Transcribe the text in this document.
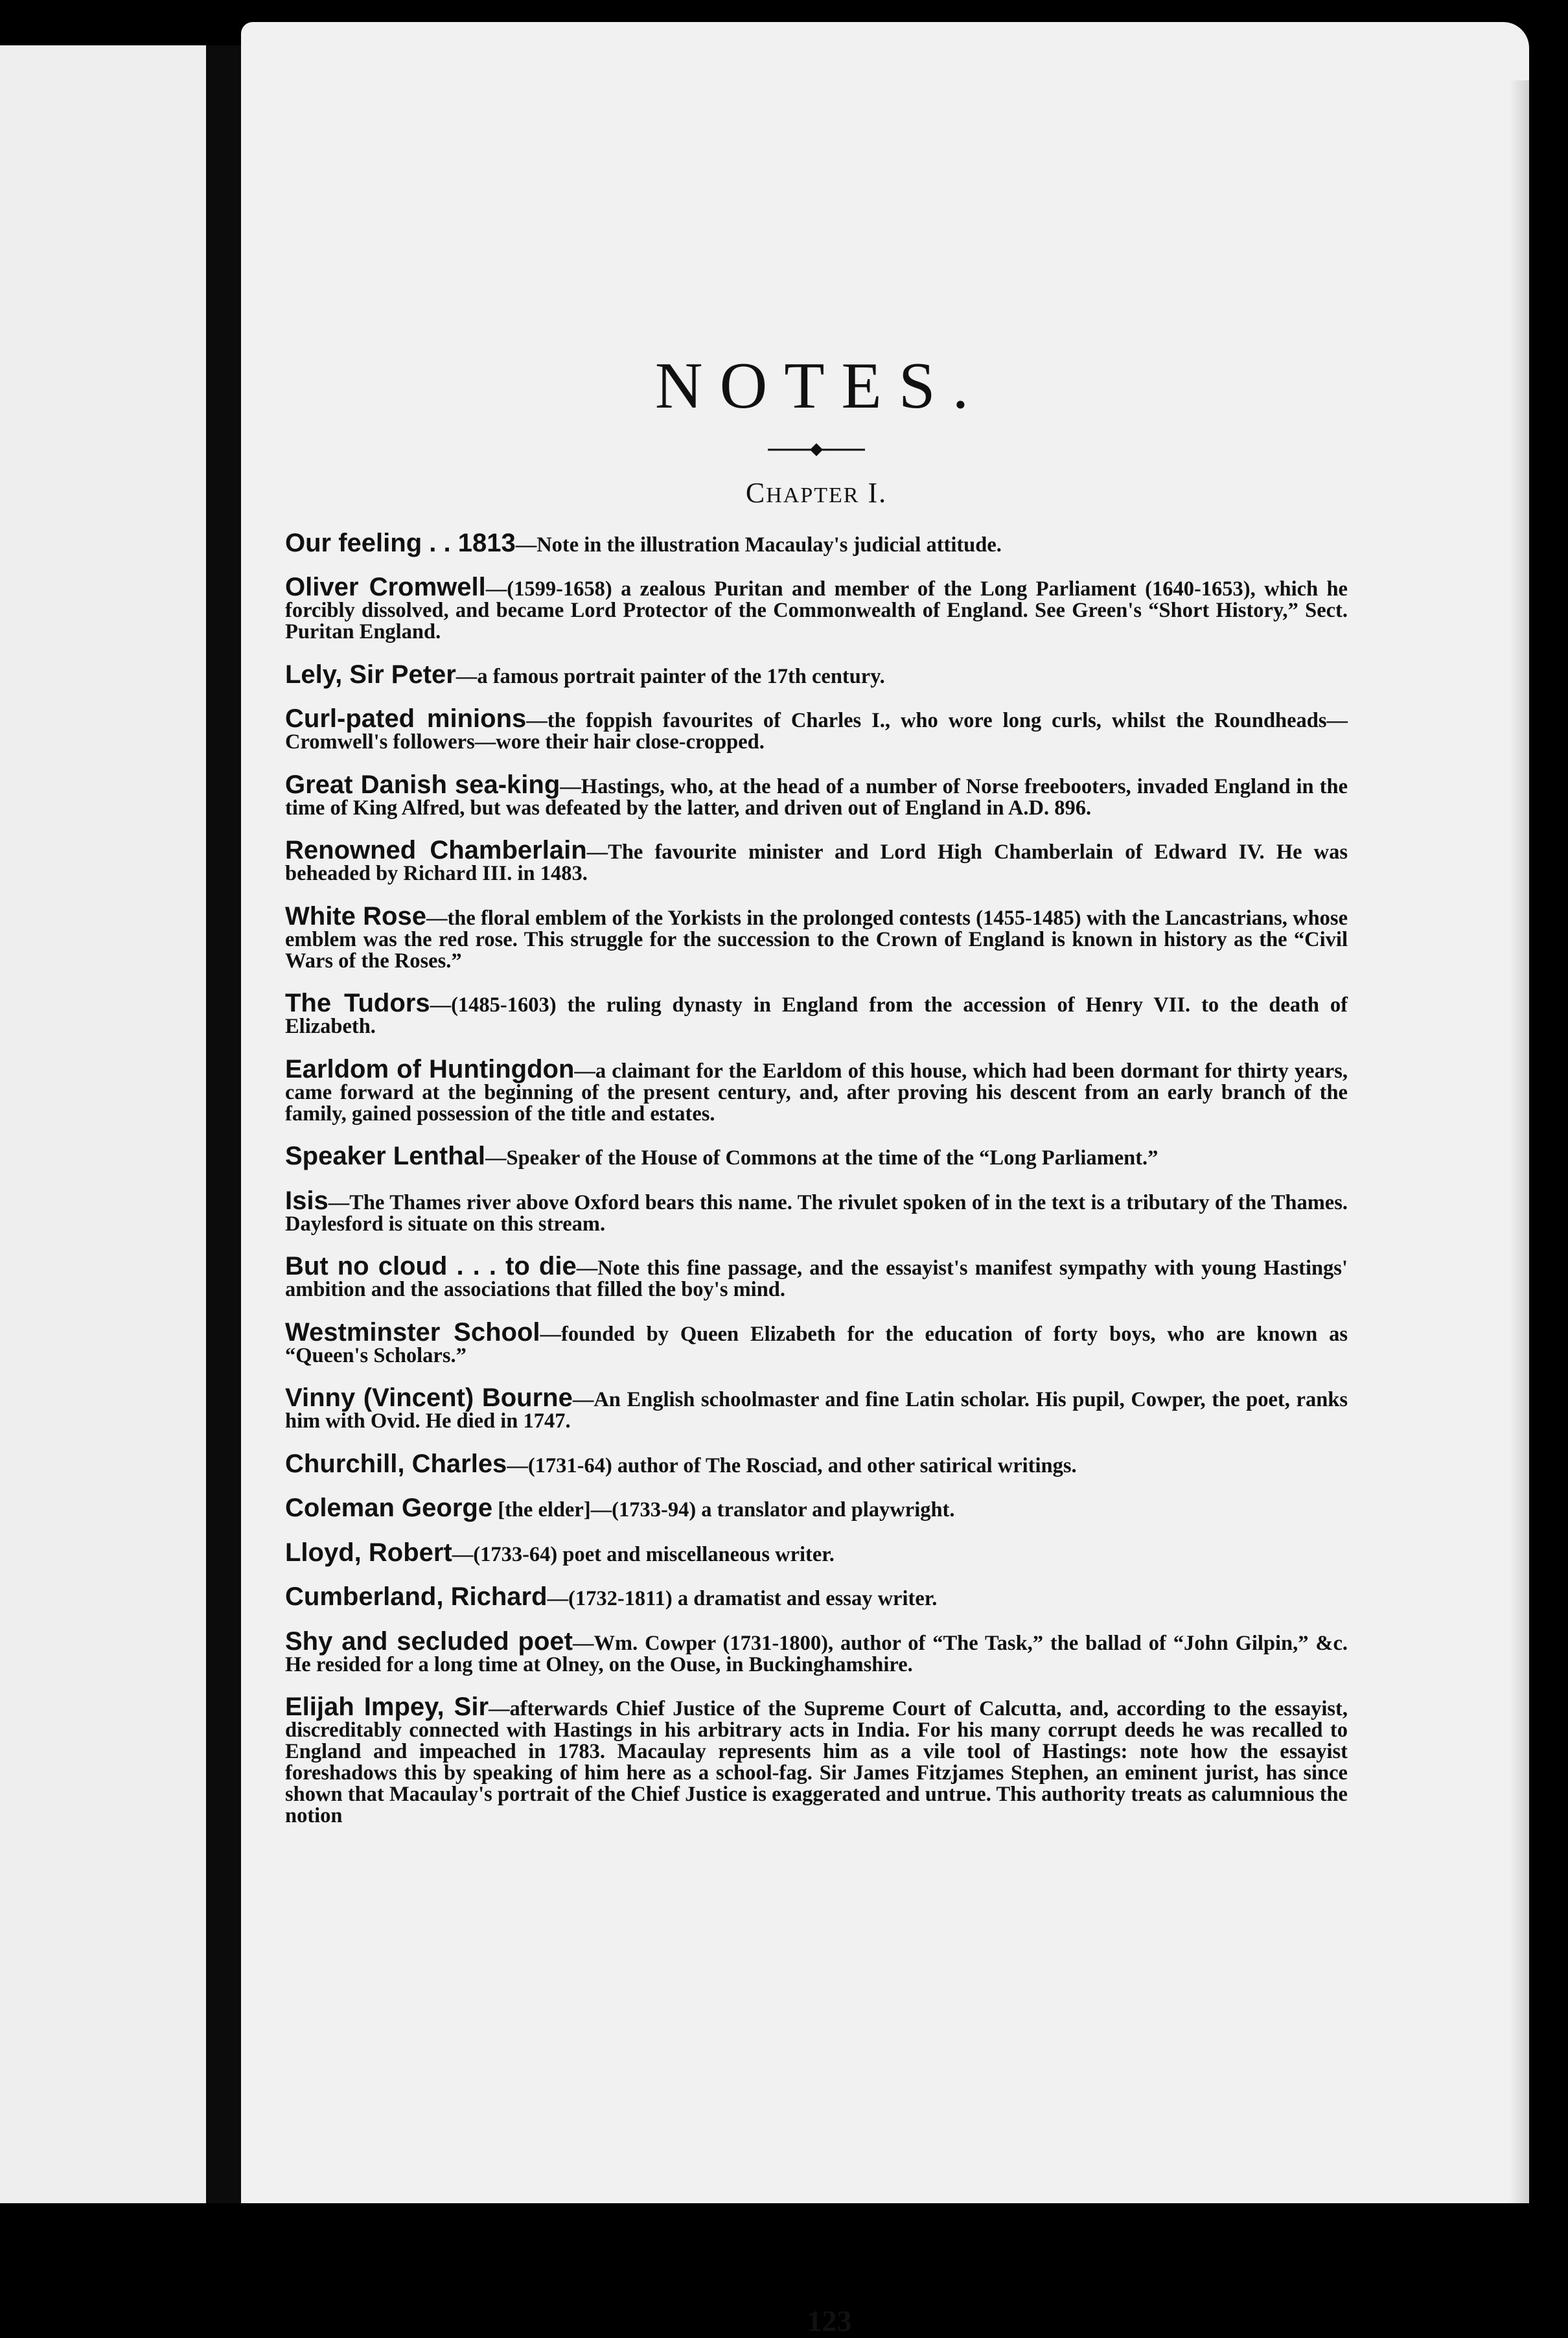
NOTES.
CHAPTER I.

Our feeling . . 1813—Note in the illustration Macaulay's judicial attitude.

Oliver Cromwell—(1599-1658) a zealous Puritan and member of the Long Parliament (1640-1653), which he forcibly dissolved, and became Lord Protector of the Commonwealth of England. See Green's “Short History,” Sect. Puritan England.

Lely, Sir Peter—a famous portrait painter of the 17th century.

Curl-pated minions—the foppish favourites of Charles I., who wore long curls, whilst the Roundheads—Cromwell's followers—wore their hair close-cropped.

Great Danish sea-king—Hastings, who, at the head of a number of Norse freebooters, invaded England in the time of King Alfred, but was defeated by the latter, and driven out of England in A.D. 896.

Renowned Chamberlain—The favourite minister and Lord High Chamberlain of Edward IV. He was beheaded by Richard III. in 1483.

White Rose—the floral emblem of the Yorkists in the prolonged contests (1455-1485) with the Lancastrians, whose emblem was the red rose. This struggle for the succession to the Crown of England is known in history as the “Civil Wars of the Roses.”

The Tudors—(1485-1603) the ruling dynasty in England from the accession of Henry VII. to the death of Elizabeth.

Earldom of Huntingdon—a claimant for the Earldom of this house, which had been dormant for thirty years, came forward at the beginning of the present century, and, after proving his descent from an early branch of the family, gained possession of the title and estates.

Speaker Lenthal—Speaker of the House of Commons at the time of the “Long Parliament.”

Isis—The Thames river above Oxford bears this name. The rivulet spoken of in the text is a tributary of the Thames. Daylesford is situate on this stream.

But no cloud . . . to die—Note this fine passage, and the essayist's manifest sympathy with young Hastings' ambition and the associations that filled the boy's mind.

Westminster School—founded by Queen Elizabeth for the education of forty boys, who are known as “Queen's Scholars.”

Vinny (Vincent) Bourne—An English schoolmaster and fine Latin scholar. His pupil, Cowper, the poet, ranks him with Ovid. He died in 1747.

Churchill, Charles—(1731-64) author of The Rosciad, and other satirical writings.

Coleman George [the elder]—(1733-94) a translator and playwright.

Lloyd, Robert—(1733-64) poet and miscellaneous writer.

Cumberland, Richard—(1732-1811) a dramatist and essay writer.

Shy and secluded poet—Wm. Cowper (1731-1800), author of “The Task,” the ballad of “John Gilpin,” &c. He resided for a long time at Olney, on the Ouse, in Buckinghamshire.

Elijah Impey, Sir—afterwards Chief Justice of the Supreme Court of Calcutta, and, according to the essayist, discreditably connected with Hastings in his arbitrary acts in India. For his many corrupt deeds he was recalled to England and impeached in 1783. Macaulay represents him as a vile tool of Hastings: note how the essayist foreshadows this by speaking of him here as a school-fag. Sir James Fitzjames Stephen, an eminent jurist, has since shown that Macaulay's portrait of the Chief Justice is exaggerated and untrue. This authority treats as calumnious the notion

123
